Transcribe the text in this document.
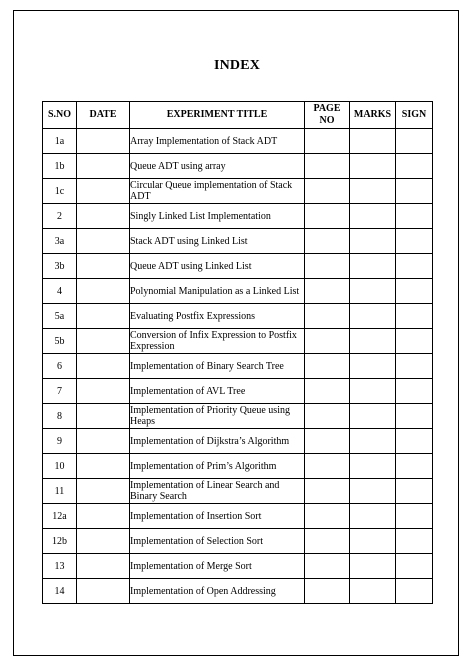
INDEX
S.NO	DATE	EXPERIMENT TITLE	PAGE NO	MARKS	SIGN
1a		Array Implementation of Stack ADT			
1b		Queue ADT using array			
1c		Circular Queue implementation of Stack ADT			
2		Singly Linked List Implementation			
3a		Stack ADT using Linked List			
3b		Queue ADT using Linked List			
4		Polynomial Manipulation as a Linked List			
5a		Evaluating Postfix Expressions			
5b		Conversion of Infix Expression to Postfix Expression			
6		Implementation of Binary Search Tree			
7		Implementation of AVL Tree			
8		Implementation of Priority Queue using Heaps			
9		Implementation of Dijkstra’s Algorithm			
10		Implementation of Prim’s Algorithm			
11		Implementation of Linear Search and Binary Search			
12a		Implementation of Insertion Sort			
12b		Implementation of Selection Sort			
13		Implementation of Merge Sort			
14		Implementation of Open Addressing			
